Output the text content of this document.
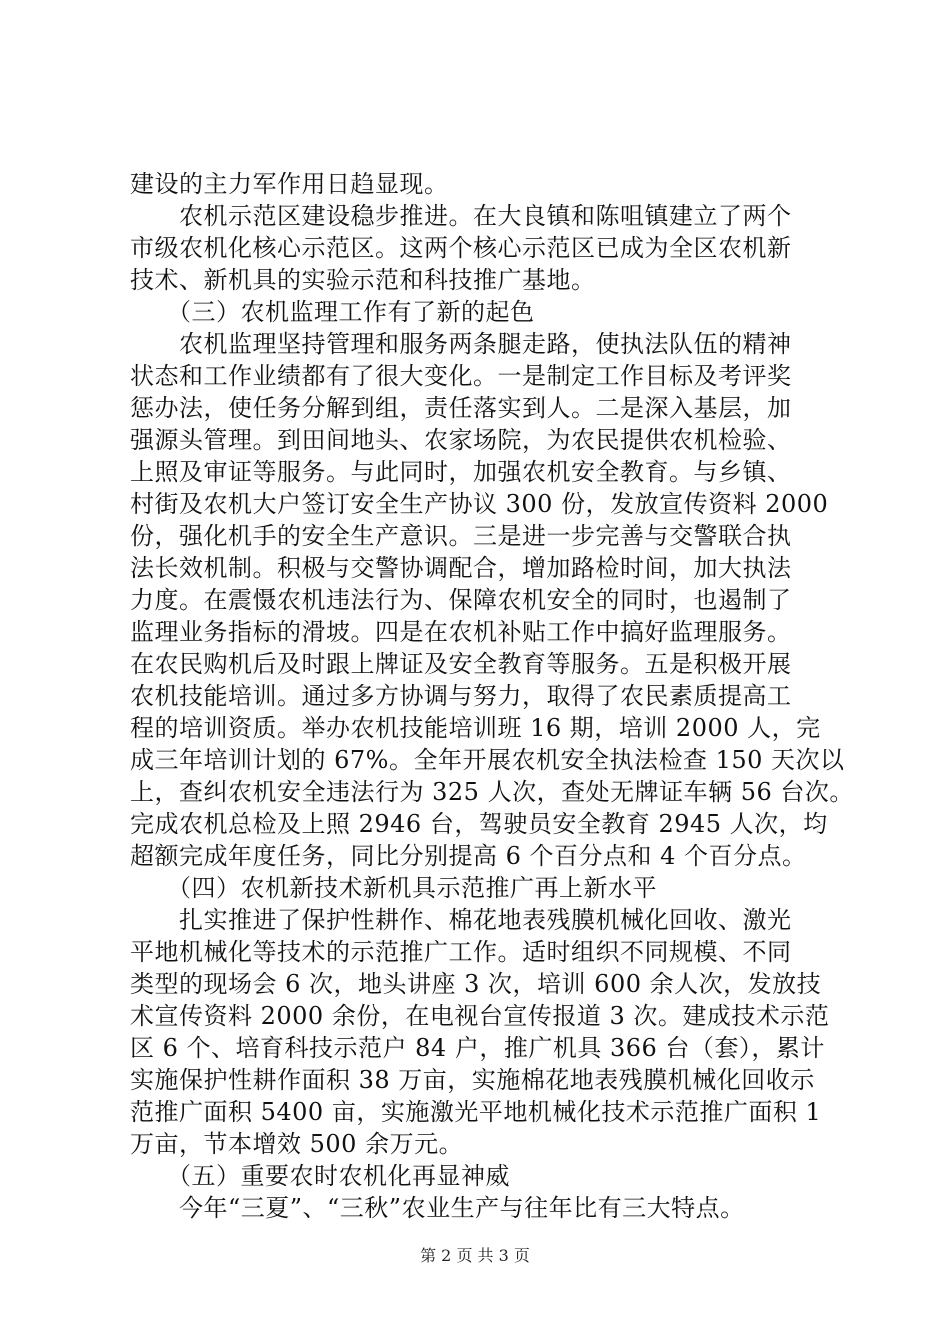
建设的主力军作用日趋显现。
　　农机示范区建设稳步推进。在大良镇和陈咀镇建立了两个
市级农机化核心示范区。这两个核心示范区已成为全区农机新
技术、新机具的实验示范和科技推广基地。
　　（三）农机监理工作有了新的起色
　　农机监理坚持管理和服务两条腿走路，使执法队伍的精神
状态和工作业绩都有了很大变化。一是制定工作目标及考评奖
惩办法，使任务分解到组，责任落实到人。二是深入基层，加
强源头管理。到田间地头、农家场院，为农民提供农机检验、
上照及审证等服务。与此同时，加强农机安全教育。与乡镇、
村街及农机大户签订安全生产协议 300 份，发放宣传资料 2000
份，强化机手的安全生产意识。三是进一步完善与交警联合执
法长效机制。积极与交警协调配合，增加路检时间，加大执法
力度。在震慑农机违法行为、保障农机安全的同时，也遏制了
监理业务指标的滑坡。四是在农机补贴工作中搞好监理服务。
在农民购机后及时跟上牌证及安全教育等服务。五是积极开展
农机技能培训。通过多方协调与努力，取得了农民素质提高工
程的培训资质。举办农机技能培训班 16 期，培训 2000 人，完
成三年培训计划的 67%。全年开展农机安全执法检查 150 天次以
上，查纠农机安全违法行为 325 人次，查处无牌证车辆 56 台次。
完成农机总检及上照 2946 台，驾驶员安全教育 2945 人次，均
超额完成年度任务，同比分别提高 6 个百分点和 4 个百分点。
　　（四）农机新技术新机具示范推广再上新水平
　　扎实推进了保护性耕作、棉花地表残膜机械化回收、激光
平地机械化等技术的示范推广工作。适时组织不同规模、不同
类型的现场会 6 次，地头讲座 3 次，培训 600 余人次，发放技
术宣传资料 2000 余份，在电视台宣传报道 3 次。建成技术示范
区 6 个、培育科技示范户 84 户，推广机具 366 台（套），累计
实施保护性耕作面积 38 万亩，实施棉花地表残膜机械化回收示
范推广面积 5400 亩，实施激光平地机械化技术示范推广面积 1
万亩，节本增效 500 余万元。
　　（五）重要农时农机化再显神威
　　今年“三夏”、“三秋”农业生产与往年比有三大特点。
第 2 页 共 3 页
